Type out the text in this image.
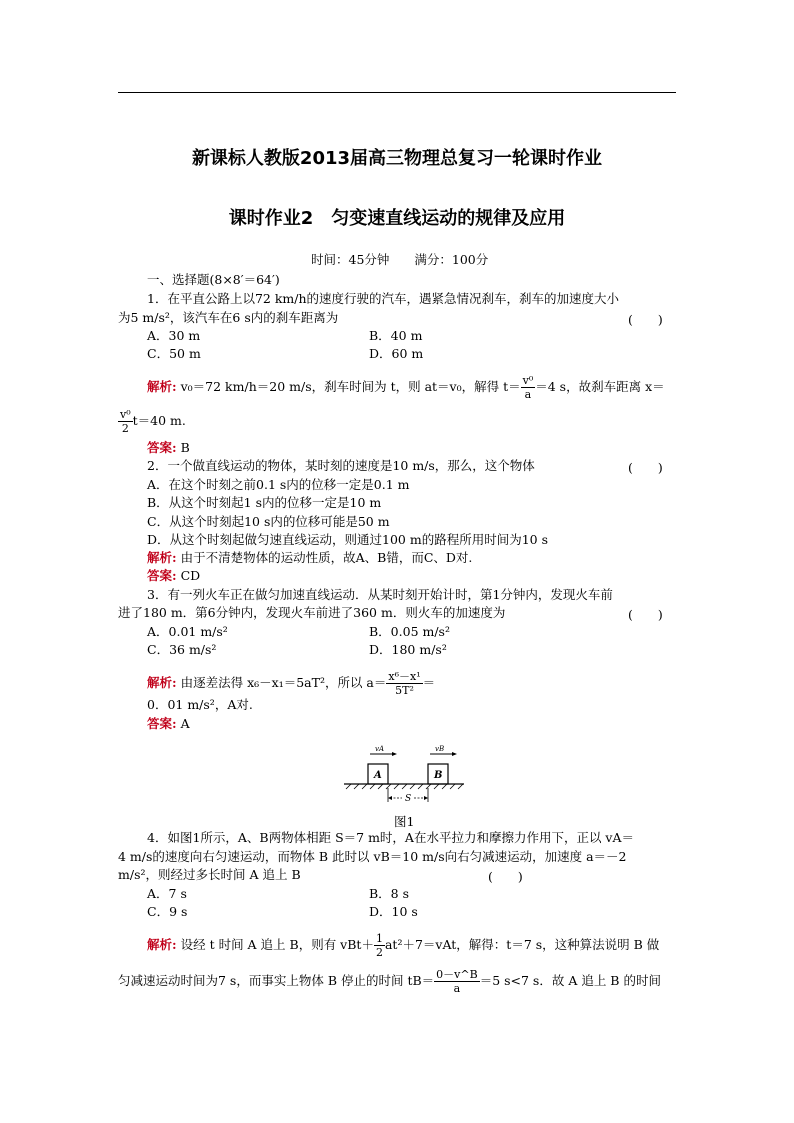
新课标人教版2013届高三物理总复习一轮课时作业
课时作业2　匀变速直线运动的规律及应用
时间：45分钟　　满分：100分
一、选择题(8×8′＝64′)
1．在平直公路上以72 km/h的速度行驶的汽车，遇紧急情况刹车，刹车的加速度大小
为5 m/s²，该汽车在6 s内的刹车距离为	(　　)
A．30 m	B．40 m
C．50 m	D．60 m
解析: v₀＝72 km/h＝20 m/s，刹车时间为 t，则 at＝v₀，解得 $t= \frac{\text{v⁰}}{a} =4$ s，故刹车距离 x＝
$\frac{\text{v⁰}}{2} t=40$ m.
答案: B
2．一个做直线运动的物体，某时刻的速度是10 m/s，那么，这个物体	(　　)
A．在这个时刻之前0.1 s内的位移一定是0.1 m
B．从这个时刻起1 s内的位移一定是10 m
C．从这个时刻起10 s内的位移可能是50 m
D．从这个时刻起做匀速直线运动，则通过100 m的路程所用时间为10 s
解析: 由于不清楚物体的运动性质，故A、B错，而C、D对.
答案: CD
3．有一列火车正在做匀加速直线运动．从某时刻开始计时，第1分钟内，发现火车前
进了180 m．第6分钟内，发现火车前进了360 m．则火车的加速度为	(　　)
A．0.01 m/s²	B．0.05 m/s²
C．36 m/s²	D．180 m/s²
解析: 由逐差法得 x₆－x₁＝5aT²，所以 $a= \frac{\text{x⁶－x¹}}{\text{5T²}}$ ＝
0．01 m/s²，A对.
答案: A
vA	vB
A	B
S
图1
4．如图1所示，A、B两物体相距 S＝7 m时，A在水平拉力和摩擦力作用下，正以 vA＝
4 m/s的速度向右匀速运动，而物体 B 此时以 vB＝10 m/s向右匀减速运动，加速度 a＝－2
m/s²，则经过多长时间 A 追上 B	(　　)
A．7 s	B．8 s
C．9 s	D．10 s
解析: 设经 t 时间 A 追上 B，则有 $vBt+ \frac{1}{2} at^2+7=vAt$，解得：t＝7 s，这种算法说明 B 做
匀减速运动时间为7 s，而事实上物体 B 停止的时间 $tB= \frac{0-v\^{}B}{a} =5$ s<7 s．故 A 追上 B 的时间
